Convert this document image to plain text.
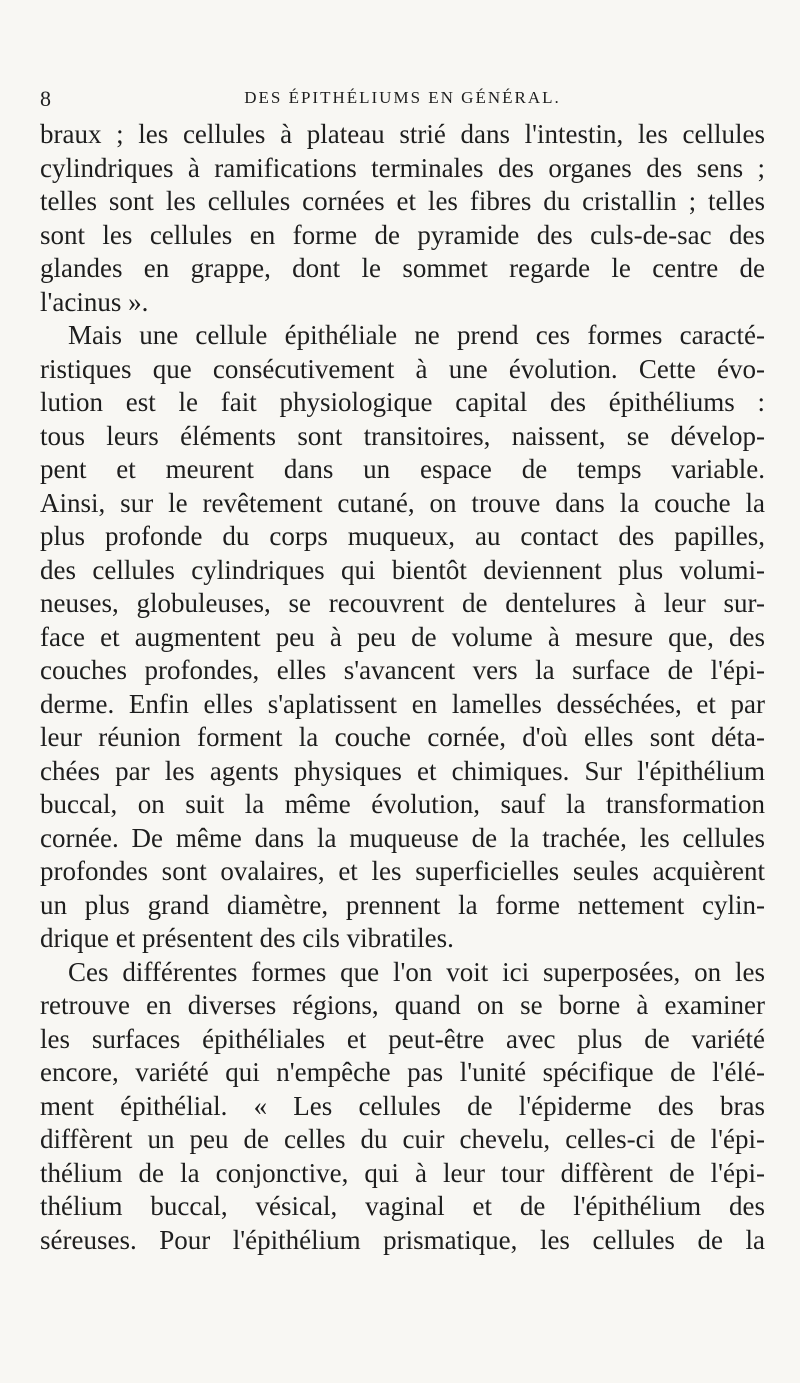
8	DES ÉPITHÉLIUMS EN GÉNÉRAL.
braux ; les cellules à plateau strié dans l'intestin, les cellules
cylindriques à ramifications terminales des organes des sens ;
telles sont les cellules cornées et les fibres du cristallin ; telles
sont les cellules en forme de pyramide des culs-de-sac des
glandes en grappe, dont le sommet regarde le centre de
l'acinus ».
Mais une cellule épithéliale ne prend ces formes caracté-
ristiques que consécutivement à une évolution. Cette évo-
lution est le fait physiologique capital des épithéliums :
tous leurs éléments sont transitoires, naissent, se dévelop-
pent et meurent dans un espace de temps variable.
Ainsi, sur le revêtement cutané, on trouve dans la couche la
plus profonde du corps muqueux, au contact des papilles,
des cellules cylindriques qui bientôt deviennent plus volumi-
neuses, globuleuses, se recouvrent de dentelures à leur sur-
face et augmentent peu à peu de volume à mesure que, des
couches profondes, elles s'avancent vers la surface de l'épi-
derme. Enfin elles s'aplatissent en lamelles desséchées, et par
leur réunion forment la couche cornée, d'où elles sont déta-
chées par les agents physiques et chimiques. Sur l'épithélium
buccal, on suit la même évolution, sauf la transformation
cornée. De même dans la muqueuse de la trachée, les cellules
profondes sont ovalaires, et les superficielles seules acquièrent
un plus grand diamètre, prennent la forme nettement cylin-
drique et présentent des cils vibratiles.
Ces différentes formes que l'on voit ici superposées, on les
retrouve en diverses régions, quand on se borne à examiner
les surfaces épithéliales et peut-être avec plus de variété
encore, variété qui n'empêche pas l'unité spécifique de l'élé-
ment épithélial. « Les cellules de l'épiderme des bras
diffèrent un peu de celles du cuir chevelu, celles-ci de l'épi-
thélium de la conjonctive, qui à leur tour diffèrent de l'épi-
thélium buccal, vésical, vaginal et de l'épithélium des
séreuses. Pour l'épithélium prismatique, les cellules de la
